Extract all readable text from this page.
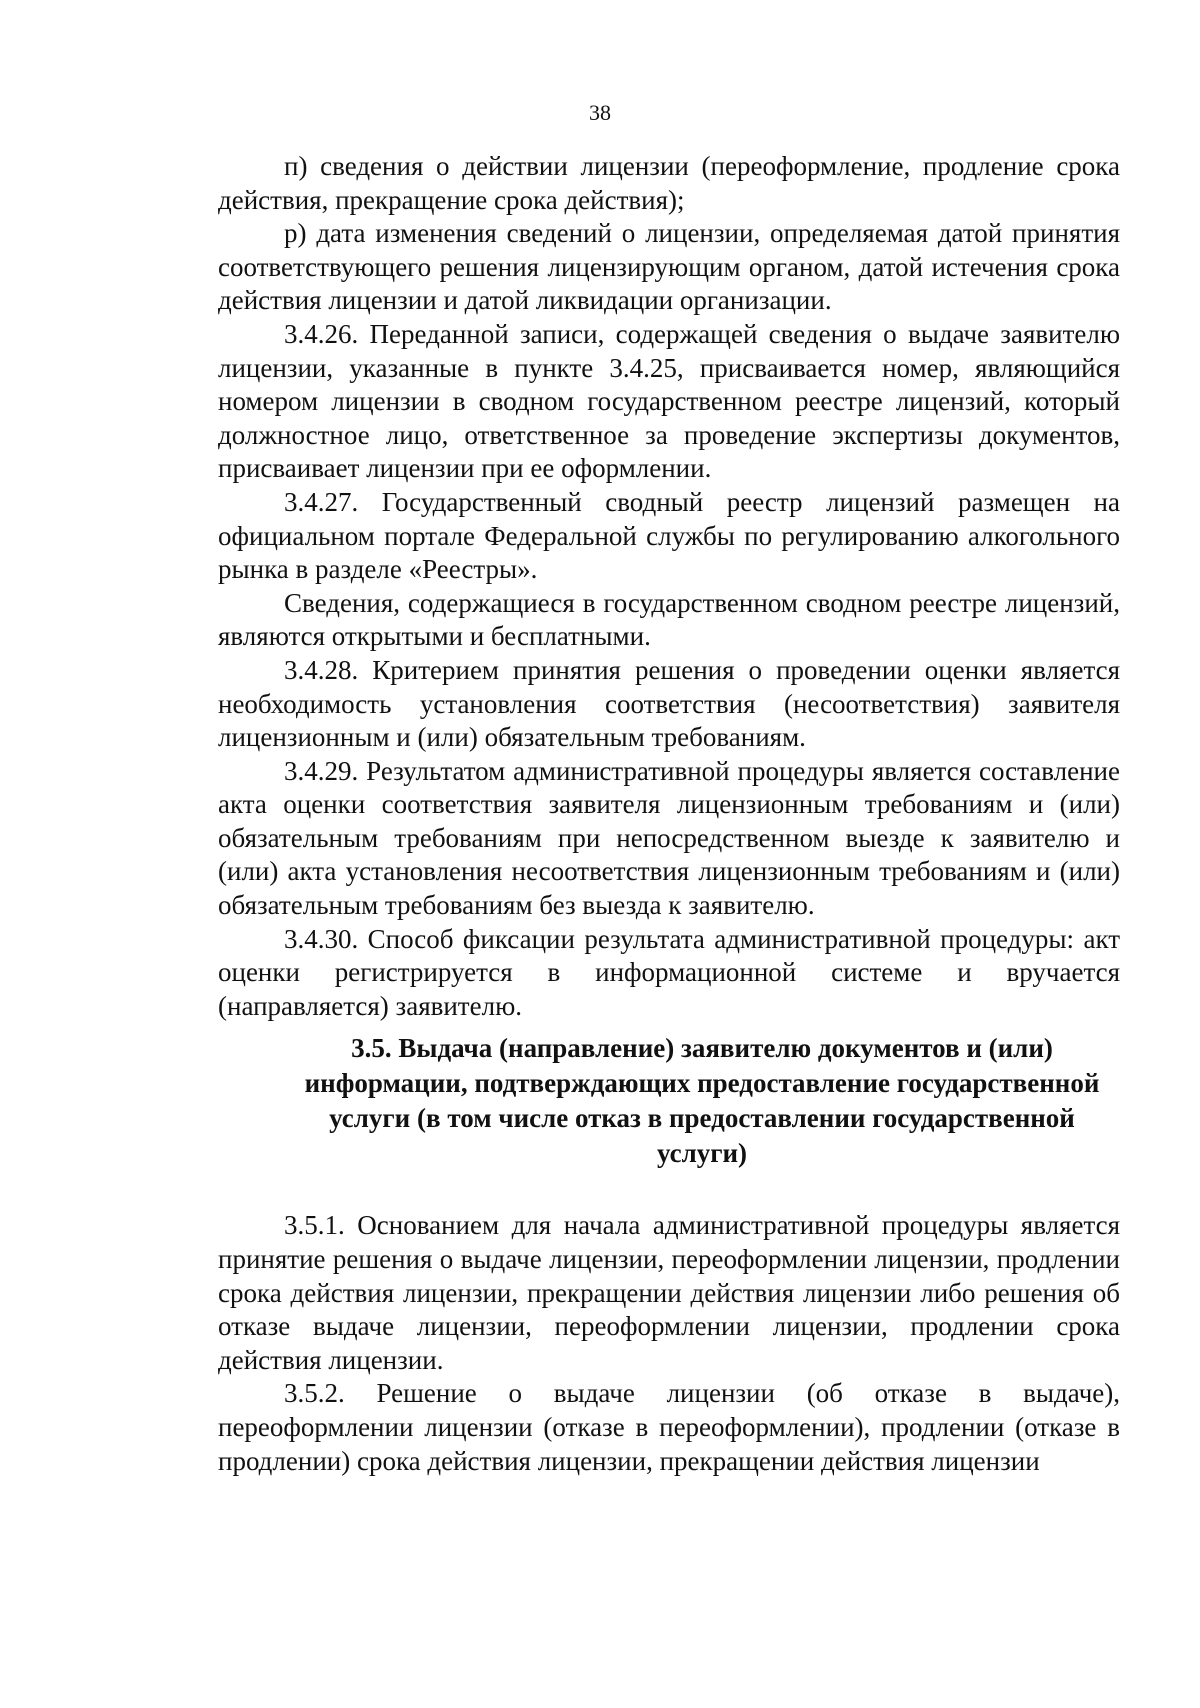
38

п) сведения о действии лицензии (переоформление, продление срока действия, прекращение срока действия);

р) дата изменения сведений о лицензии, определяемая датой принятия соответствующего решения лицензирующим органом, датой истечения срока действия лицензии и датой ликвидации организации.

3.4.26. Переданной записи, содержащей сведения о выдаче заявителю лицензии, указанные в пункте 3.4.25, присваивается номер, являющийся номером лицензии в сводном государственном реестре лицензий, который должностное лицо, ответственное за проведение экспертизы документов, присваивает лицензии при ее оформлении.

3.4.27. Государственный сводный реестр лицензий размещен на официальном портале Федеральной службы по регулированию алкогольного рынка в разделе «Реестры».

Сведения, содержащиеся в государственном сводном реестре лицензий, являются открытыми и бесплатными.

3.4.28. Критерием принятия решения о проведении оценки является необходимость установления соответствия (несоответствия) заявителя лицензионным и (или) обязательным требованиям.

3.4.29. Результатом административной процедуры является составление акта оценки соответствия заявителя лицензионным требованиям и (или) обязательным требованиям при непосредственном выезде к заявителю и (или) акта установления несоответствия лицензионным требованиям и (или) обязательным требованиям без выезда к заявителю.

3.4.30. Способ фиксации результата административной процедуры: акт оценки регистрируется в информационной системе и вручается (направляется) заявителю.

3.5. Выдача (направление) заявителю документов и (или) информации, подтверждающих предоставление государственной услуги (в том числе отказ в предоставлении государственной услуги)

3.5.1. Основанием для начала административной процедуры является принятие решения о выдаче лицензии, переоформлении лицензии, продлении срока действия лицензии, прекращении действия лицензии либо решения об отказе выдаче лицензии, переоформлении лицензии, продлении срока действия лицензии.

3.5.2. Решение о выдаче лицензии (об отказе в выдаче), переоформлении лицензии (отказе в переоформлении), продлении (отказе в продлении) срока действия лицензии, прекращении действия лицензии
